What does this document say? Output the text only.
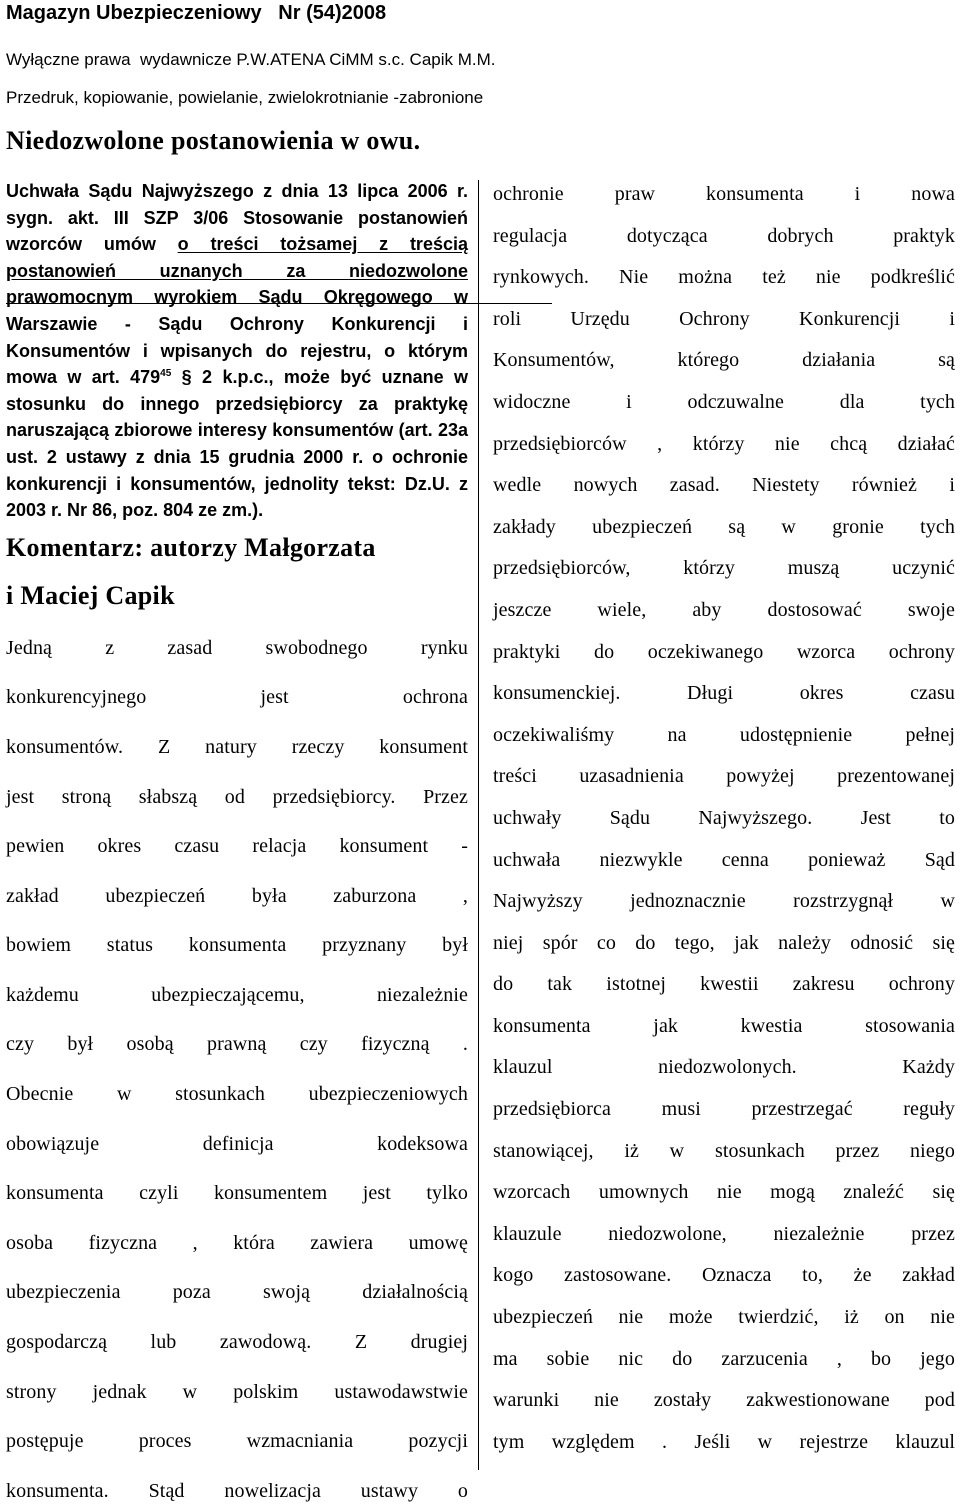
Magazyn Ubezpieczeniowy   Nr (54)2008
Wyłączne prawa  wydawnicze P.W.ATENA CiMM s.c. Capik M.M.
Przedruk, kopiowanie, powielanie, zwielokrotnianie -zabronione
Niedozwolone postanowienia w owu.

Uchwała Sądu Najwyższego z dnia 13 lipca 2006 r. sygn. akt. III SZP 3/06 Stosowanie postanowień wzorców umów o treści tożsamej z treścią postanowień uznanych za niedozwolone prawomocnym wyrokiem Sądu Okręgowego w Warszawie - Sądu Ochrony Konkurencji i Konsumentów i wpisanych do rejestru, o którym mowa w art. $479^{45}$ § 2 k.p.c., może być uznane w stosunku do innego przedsiębiorcy za praktykę naruszającą zbiorowe interesy konsumentów (art. 23a ust. 2 ustawy z dnia 15 grudnia 2000 r. o ochronie konkurencji i konsumentów, jednolity tekst: Dz.U. z 2003 r. Nr 86, poz. 804 ze zm.).

Komentarz: autorzy Małgorzata
i Maciej Capik

Jedną z zasad swobodnego rynku

konkurencyjnego jest ochrona

konsumentów. Z natury rzeczy konsument

jest stroną słabszą od przedsiębiorcy. Przez

pewien okres czasu relacja konsument -

zakład ubezpieczeń była zaburzona ,

bowiem status konsumenta przyznany był

każdemu ubezpieczającemu, niezależnie

czy był osobą prawną czy fizyczną .

Obecnie w stosunkach ubezpieczeniowych

obowiązuje definicja kodeksowa

konsumenta czyli konsumentem jest tylko

osoba fizyczna , która zawiera umowę

ubezpieczenia poza swoją działalnością

gospodarczą lub zawodową. Z drugiej

strony jednak w polskim ustawodawstwie

postępuje proces wzmacniania pozycji

konsumenta. Stąd nowelizacja ustawy o

ochronie praw konsumenta i nowa

regulacja dotycząca dobrych praktyk

rynkowych. Nie można też nie podkreślić

roli Urzędu Ochrony Konkurencji i

Konsumentów, którego działania są

widoczne i odczuwalne dla tych

przedsiębiorców , którzy nie chcą działać

wedle nowych zasad. Niestety również i

zakłady ubezpieczeń są w gronie tych

przedsiębiorców, którzy muszą uczynić

jeszcze wiele, aby dostosować swoje

praktyki do oczekiwanego wzorca ochrony

konsumenckiej. Długi okres czasu

oczekiwaliśmy na udostępnienie pełnej

treści uzasadnienia powyżej prezentowanej

uchwały Sądu Najwyższego. Jest to

uchwała niezwykle cenna ponieważ Sąd

Najwyższy jednoznacznie rozstrzygnął w

niej spór co do tego, jak należy odnosić się

do tak istotnej kwestii zakresu ochrony

konsumenta jak kwestia stosowania

klauzul niedozwolonych. Każdy

przedsiębiorca musi przestrzegać reguły

stanowiącej, iż w stosunkach przez niego

wzorcach umownych nie mogą znaleźć się

klauzule niedozwolone, niezależnie przez

kogo zastosowane. Oznacza to, że zakład

ubezpieczeń nie może twierdzić, iż on nie

ma sobie nic do zarzucenia , bo jego

warunki nie zostały zakwestionowane pod

tym względem . Jeśli w rejestrze klauzul
